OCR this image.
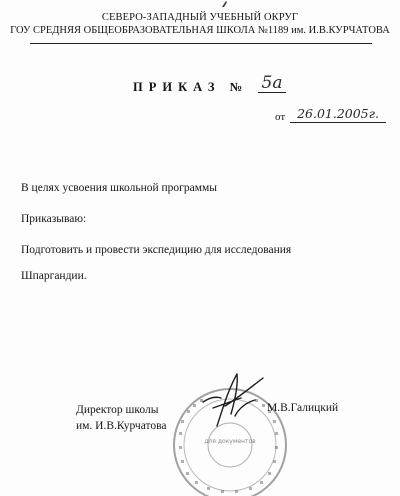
СЕВЕРО-ЗАПАДНЫЙ УЧЕБНЫЙ ОКРУГ
ГОУ СРЕДНЯЯ ОБЩЕОБРАЗОВАТЕЛЬНАЯ ШКОЛА №1189 им. И.В.КУРЧАТОВА
ПРИКАЗ № 5а
от 26.01.2005г.
В целях усвоения школьной программы
Приказываю:
Подготовить и провести экспедицию для исследования
Шпаргандии.
Директор школы
им. И.В.Курчатова
для документов
М.В.Галицкий
